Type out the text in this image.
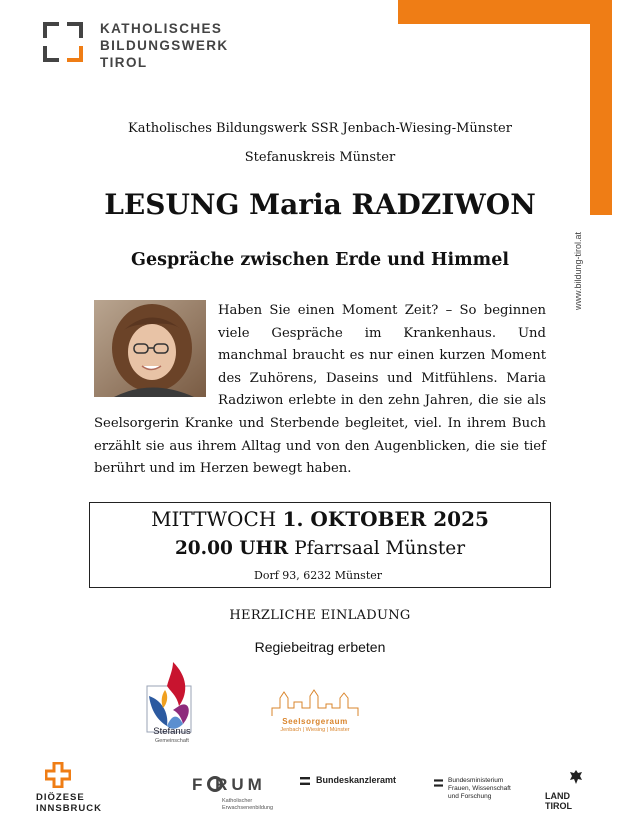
KATHOLISCHES
BILDUNGSWERK
TIROL
www.bildung-tirol.at
Katholisches Bildungswerk SSR Jenbach-Wiesing-Münster
Stefanuskreis Münster
LESUNG Maria RADZIWON
Gespräche zwischen Erde und Himmel
Haben Sie einen Moment Zeit? – So beginnen viele Gespräche im Krankenhaus. Und manchmal braucht es nur einen kurzen Moment des Zuhörens, Daseins und Mitfühlens. Maria Radziwon erlebte in den zehn Jahren, die sie als Seelsorgerin Kranke und Sterbende begleitet, viel. In ihrem Buch erzählt sie aus ihrem Alltag und von den Augenblicken, die sie tief berührt und im Herzen bewegt haben.
MITTWOCH 1. OKTOBER 2025
20.00 UHR Pfarrsaal Münster
Dorf 93, 6232 Münster
HERZLICHE EINLADUNG
Regiebeitrag erbeten
Stefanus
Gemeinschaft
Seelsorgeraum
Jenbach | Wiesing | Münster
DIÖZESE
INNSBRUCK
F RUM
Katholischer
Erwachsenenbildung
Bundeskanzleramt	Bundesministerium
Frauen, Wissenschaft
und Forschung	LAND
TIROL
